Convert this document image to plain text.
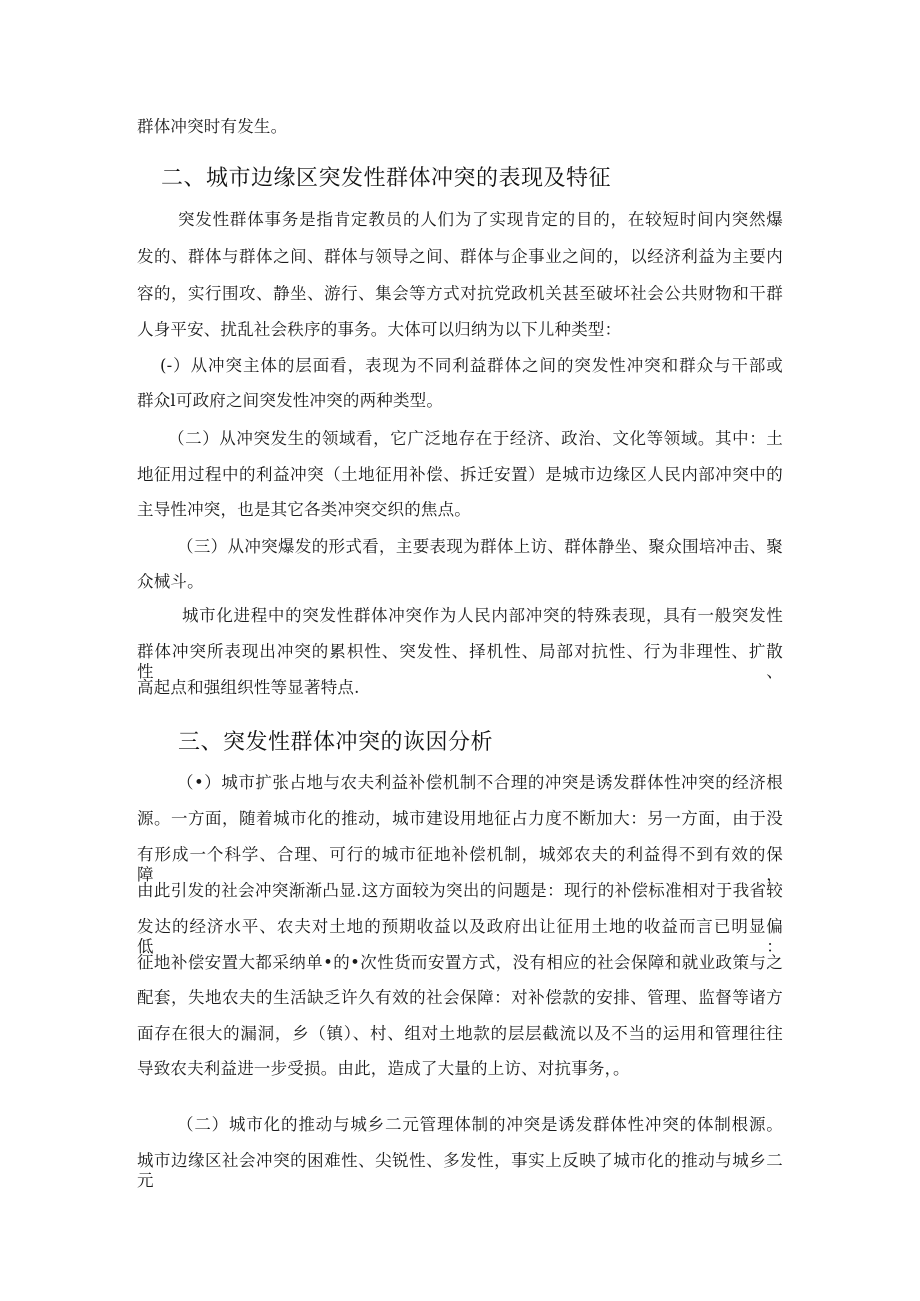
群体冲突时有发生。
二、城市边缘区突发性群体冲突的表现及特征
突发性群体事务是指肯定教员的人们为了实现肯定的目的，在较短时间内突然爆
发的、群体与群体之间、群体与领导之间、群体与企事业之间的，以经济利益为主要内
容的，实行围攻、静坐、游行、集会等方式对抗党政机关甚至破坏社会公共财物和干群
人身平安、扰乱社会秩序的事务。大体可以归纳为以下儿种类型：
(-）从冲突主体的层面看，表现为不同利益群体之间的突发性冲突和群众与干部或
群众l可政府之间突发性冲突的两种类型。
（二）从冲突发生的领域看，它广泛地存在于经济、政治、文化等领域。其中：土
地征用过程中的利益冲突（土地征用补偿、拆迁安置）是城市边缘区人民内部冲突中的
主导性冲突，也是其它各类冲突交织的焦点。
（三）从冲突爆发的形式看，主要表现为群体上访、群体静坐、聚众围培冲击、聚
众械斗。
城市化进程中的突发性群体冲突作为人民内部冲突的特殊表现，具有一般突发性
群体冲突所表现出冲突的累枳性、突发性、择机性、局部对抗性、行为非理性、扩散性、
高起点和强组织性等显著特点.
三、突发性群体冲突的诙因分析
（•）城市扩张占地与农夫利益补偿机制不合理的冲突是诱发群体性冲突的经济根
源。一方面，随着城市化的推动，城市建设用地征占力度不断加大：另一方面，由于没
有形成一个科学、合理、可行的城市征地补偿机制，城郊农夫的利益得不到有效的保障，
由此引发的社会冲突渐渐凸显.这方面较为突出的问题是：现行的补偿标准相对于我省较
发达的经济水平、农夫对土地的预期收益以及政府出让征用土地的收益而言已明显偏低：
征地补偿安置大都采纳单•的•次性货而安置方式，没有相应的社会保障和就业政策与之
配套，失地农夫的生活缺乏许久有效的社会保障：对补偿款的安排、管理、监督等诸方
面存在很大的漏洞，乡（镇）、村、组对土地款的层层截流以及不当的运用和管理往往
导致农夫利益进一步受损。由此，造成了大量的上访、对抗事务，。
（二）城市化的推动与城乡二元管理体制的冲突是诱发群体性冲突的体制根源。
城市边缘区社会冲突的困难性、尖锐性、多发性，事实上反映了城市化的推动与城乡二元
